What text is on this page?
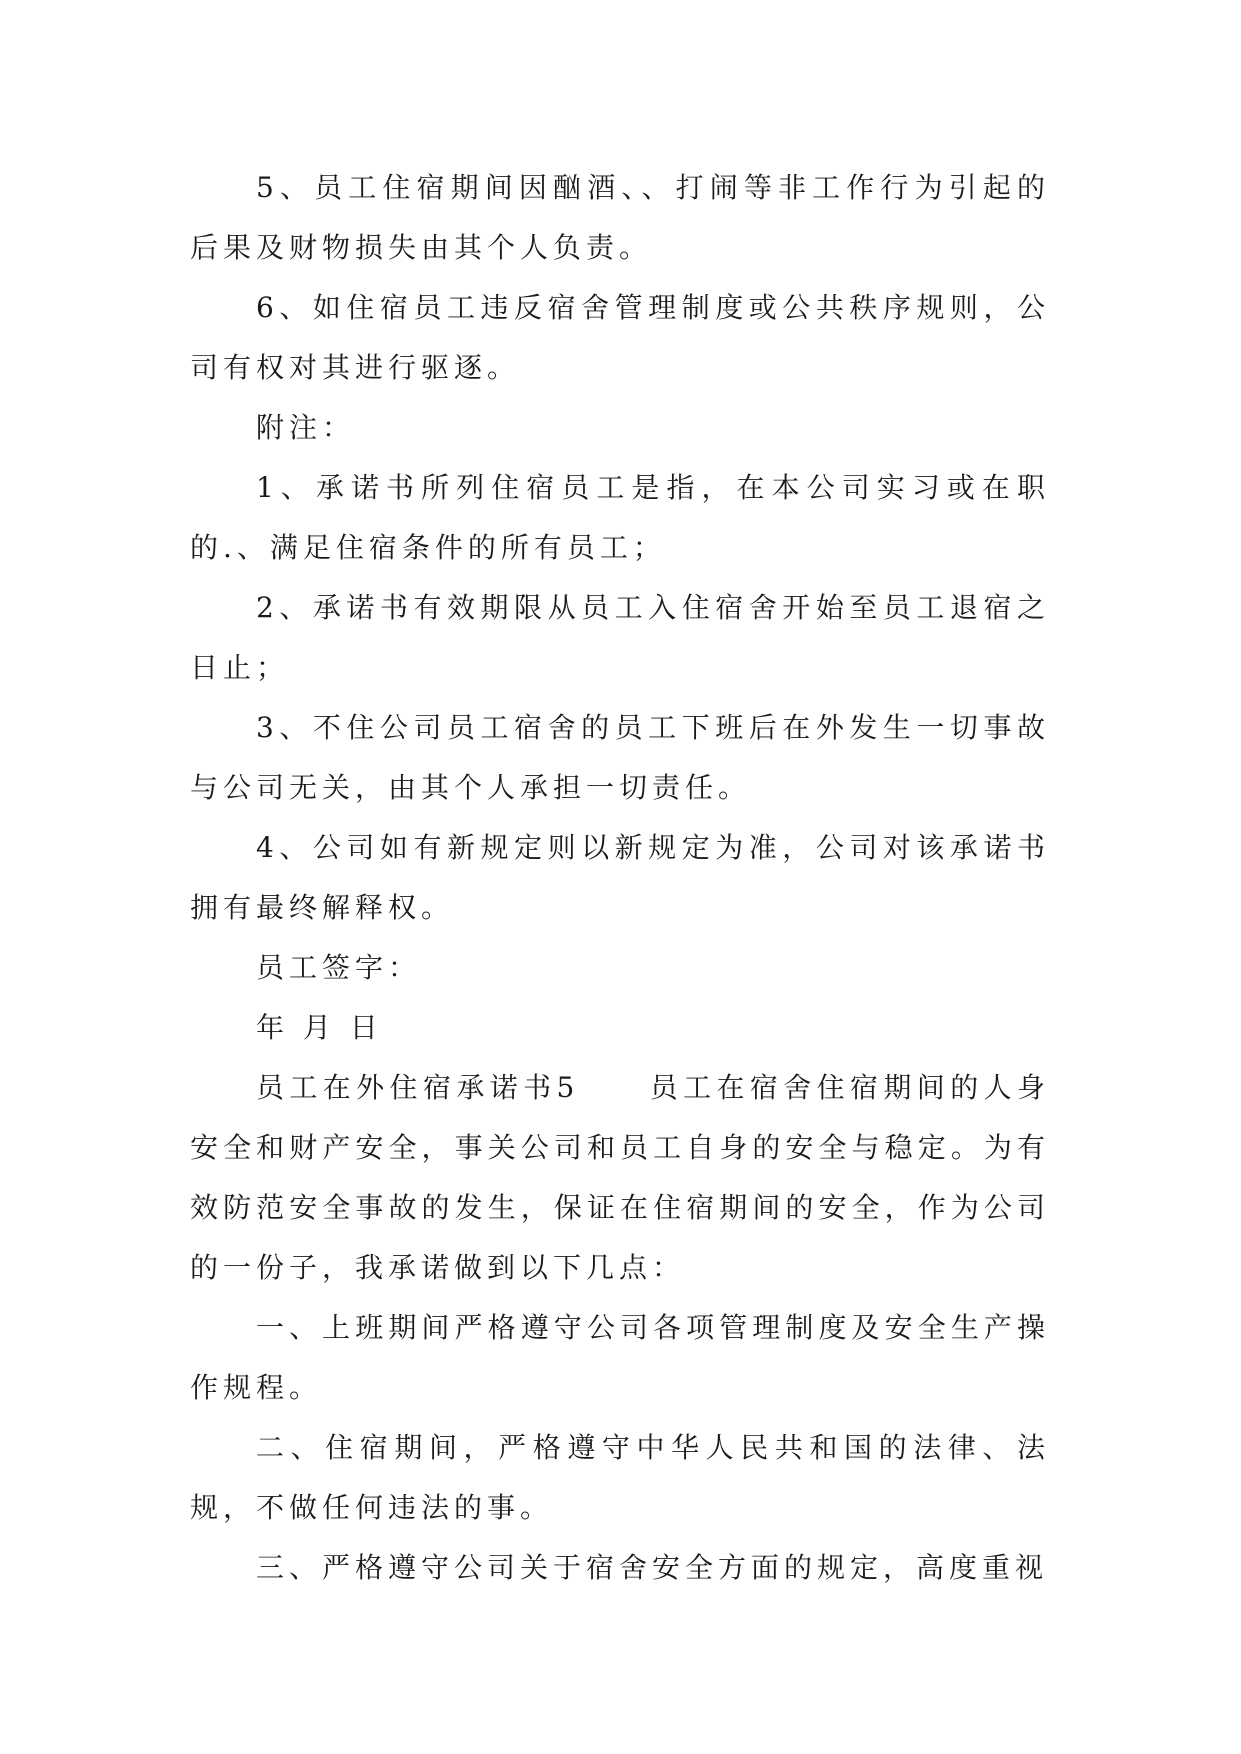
5、员工住宿期间因酗酒、、打闹等非工作行为引起的后果及财物损失由其个人负责。

6、如住宿员工违反宿舍管理制度或公共秩序规则，公司有权对其进行驱逐。

附注：

1、承诺书所列住宿员工是指，在本公司实习或在职的.、满足住宿条件的所有员工；

2、承诺书有效期限从员工入住宿舍开始至员工退宿之日止；

3、不住公司员工宿舍的员工下班后在外发生一切事故与公司无关，由其个人承担一切责任。

4、公司如有新规定则以新规定为准，公司对该承诺书拥有最终解释权。

员工签字：

年 月 日

员工在外住宿承诺书5	员工在宿舍住宿期间的人身安全和财产安全，事关公司和员工自身的安全与稳定。为有效防范安全事故的发生，保证在住宿期间的安全，作为公司的一份子，我承诺做到以下几点：

一、上班期间严格遵守公司各项管理制度及安全生产操作规程。

二、住宿期间，严格遵守中华人民共和国的法律、法规，不做任何违法的事。

三、严格遵守公司关于宿舍安全方面的规定，高度重视
